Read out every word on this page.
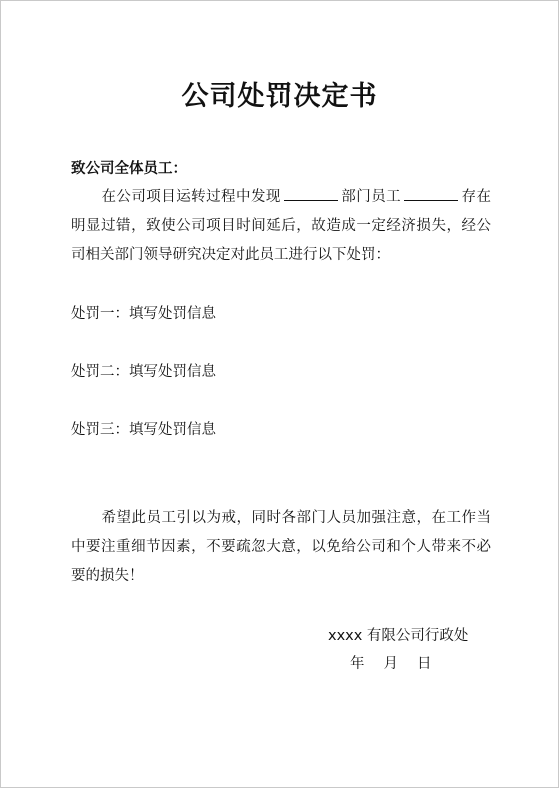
公司处罚决定书
致公司全体员工：
在公司项目运转过程中发现	部门员工	存在明显过错，致使公司项目时间延后，故造成一定经济损失，经公司相关部门领导研究决定对此员工进行以下处罚：
处罚一：填写处罚信息
处罚二：填写处罚信息
处罚三：填写处罚信息
希望此员工引以为戒，同时各部门人员加强注意，在工作当中要注重细节因素，不要疏忽大意，以免给公司和个人带来不必要的损失！
xxxx 有限公司行政处
年 月 日
